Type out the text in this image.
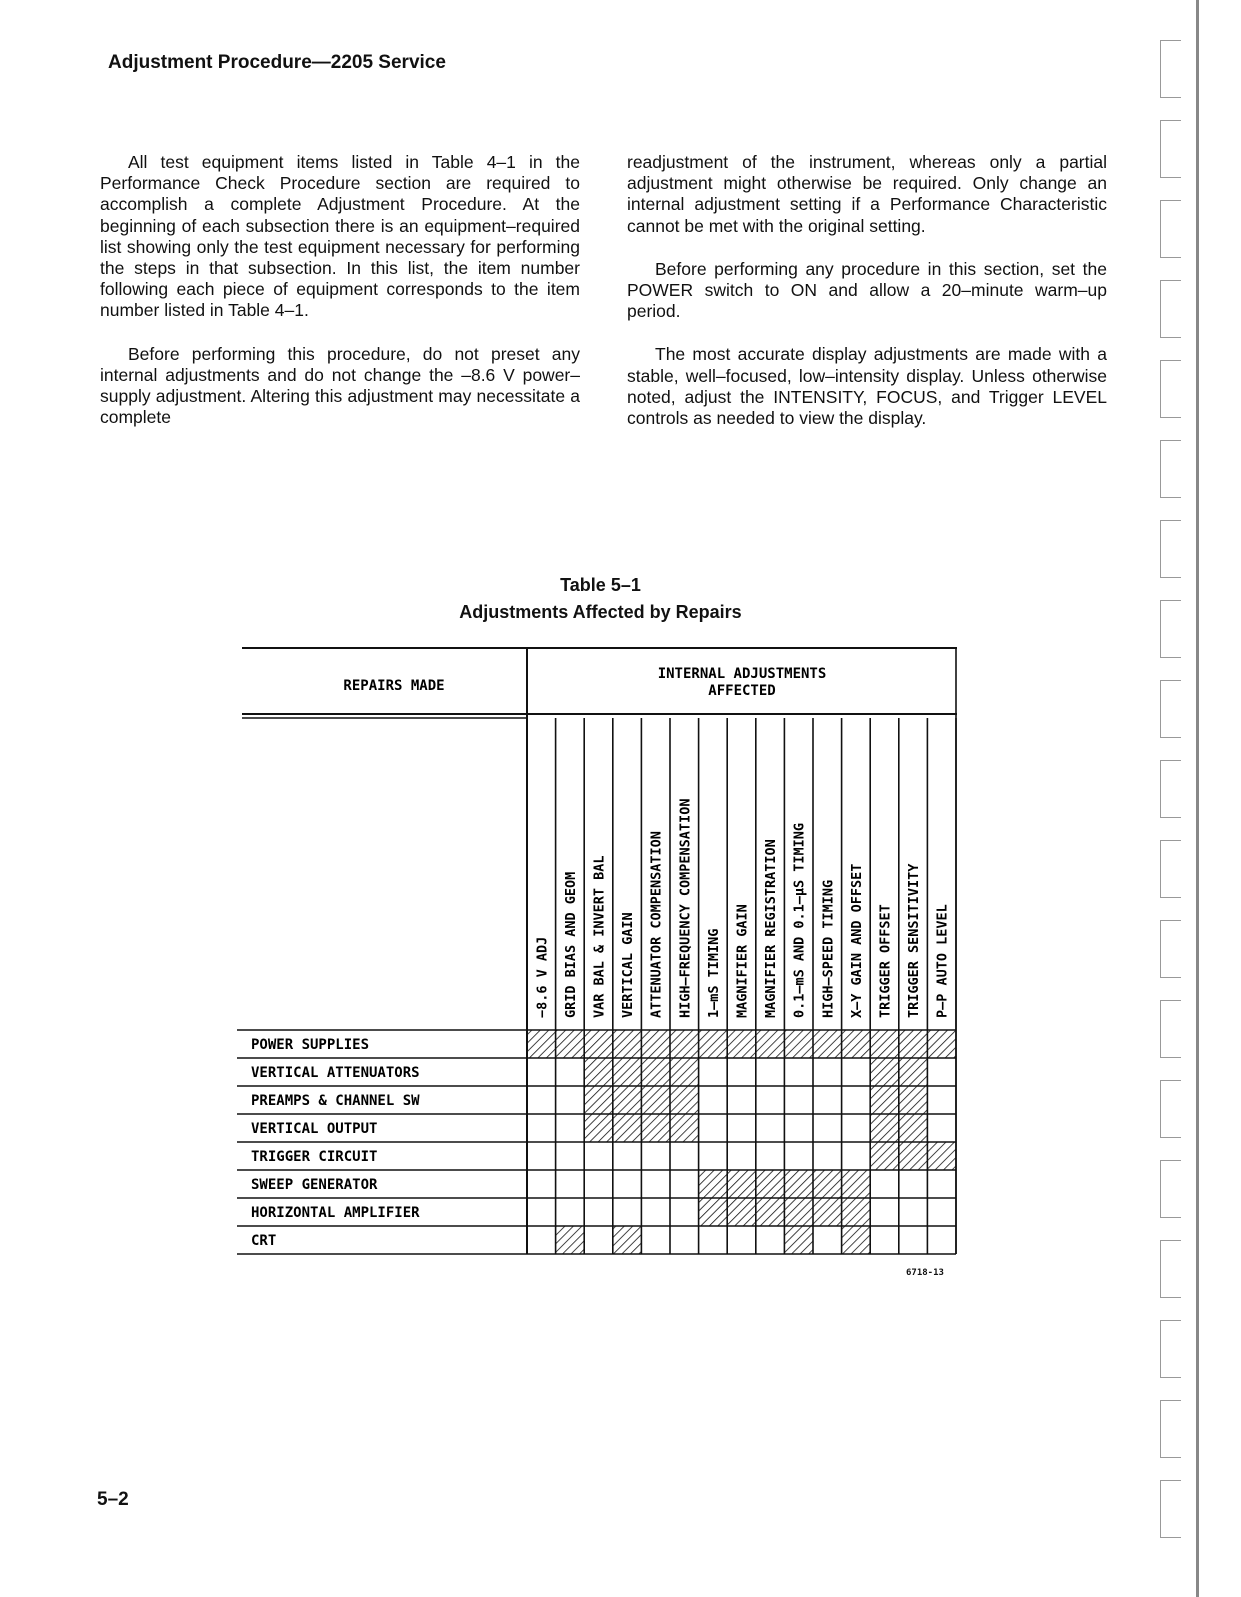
Adjustment Procedure—2205 Service

All test equipment items listed in Table 4–1 in the Performance Check Procedure section are required to accomplish a complete Adjustment Procedure. At the beginning of each subsection there is an equipment–required list showing only the test equipment necessary for performing the steps in that subsection. In this list, the item number following each piece of equipment corresponds to the item number listed in Table 4–1.

Before performing this procedure, do not preset any internal adjustments and do not change the –8.6 V power–supply adjustment. Altering this adjustment may necessitate a complete

readjustment of the instrument, whereas only a partial adjustment might otherwise be required. Only change an internal adjustment setting if a Performance Characteristic cannot be met with the original setting.

Before performing any procedure in this section, set the POWER switch to ON and allow a 20–minute warm–up period.

The most accurate display adjustments are made with a stable, well–focused, low–intensity display. Unless otherwise noted, adjust the INTENSITY, FOCUS, and Trigger LEVEL controls as needed to view the display.

Table 5–1
Adjustments Affected by Repairs
REPAIRS MADE
INTERNAL ADJUSTMENTS
AFFECTED
−8.6 V ADJ GRID BIAS AND GEOM VAR BAL & INVERT BAL VERTICAL GAIN ATTENUATOR COMPENSATION HIGH–FREQUENCY COMPENSATION 1–mS TIMING MAGNIFIER GAIN MAGNIFIER REGISTRATION 0.1–mS AND 0.1–µS TIMING HIGH–SPEED TIMING X–Y GAIN AND OFFSET TRIGGER OFFSET TRIGGER SENSITIVITY P–P AUTO LEVEL
POWER SUPPLIES
VERTICAL ATTENUATORS
PREAMPS & CHANNEL SW
VERTICAL OUTPUT
TRIGGER CIRCUIT
SWEEP GENERATOR
HORIZONTAL AMPLIFIER
CRT
6718-13
5–2
